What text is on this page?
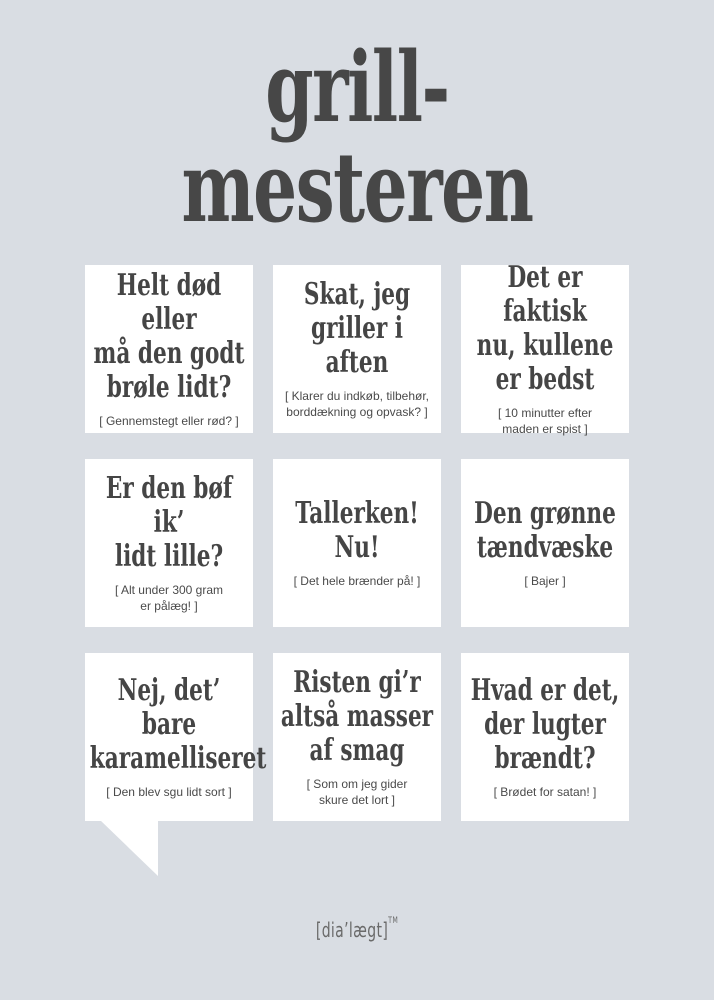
grill-
mesteren
Helt død eller
må den godt
brøle lidt?
[ Gennemstegt eller rød? ]
Skat, jeg
griller i aften
[ Klarer du indkøb, tilbehør,
borddækning og opvask? ]
Det er faktisk
nu, kullene
er bedst
[ 10 minutter efter
maden er spist ]
Er den bøf ik’
lidt lille?
[ Alt under 300 gram
er pålæg! ]
Tallerken!
Nu!
[ Det hele brænder på! ]
Den grønne
tændvæske
[ Bajer ]
Nej, det’ bare
karamelliseret
[ Den blev sgu lidt sort ]
Risten gi’r
altså masser
af smag
[ Som om jeg gider
skure det lort ]
Hvad er det,
der lugter
brændt?
[ Brødet for satan! ]
[dia’lægt]™
